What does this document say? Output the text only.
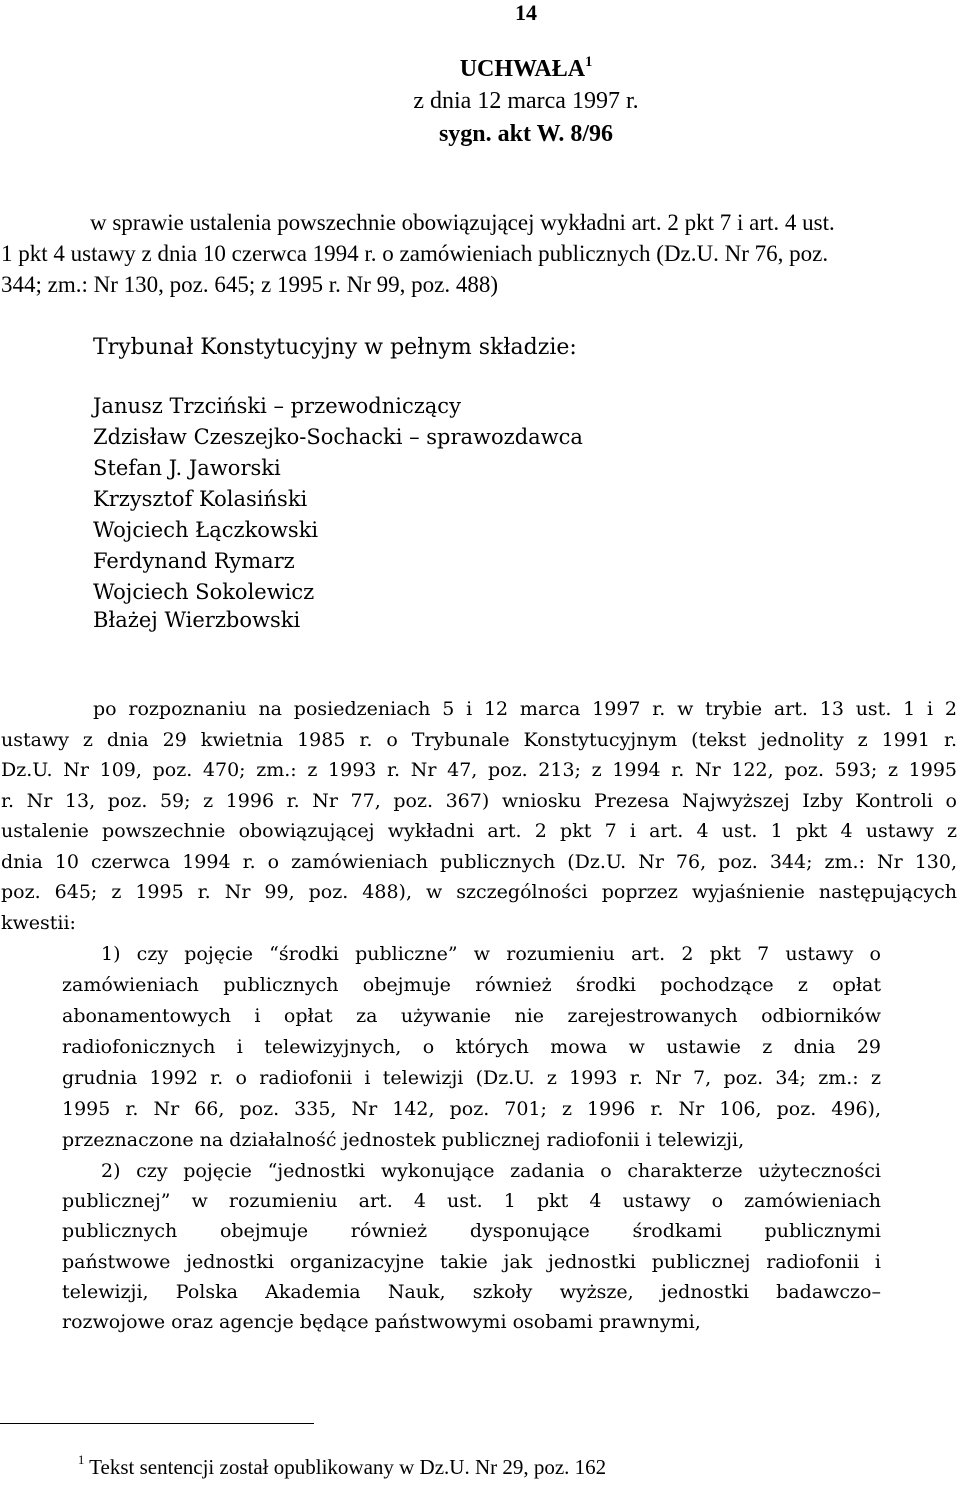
14
UCHWAŁA$^1$
z dnia 12 marca 1997 r.
sygn. akt W. 8/96
w sprawie ustalenia powszechnie obowiązującej wykładni art. 2 pkt 7 i art. 4 ust.
1 pkt 4 ustawy z dnia 10 czerwca 1994 r. o zamówieniach publicznych (Dz.U. Nr 76, poz.
344; zm.: Nr 130, poz. 645; z 1995 r. Nr 99, poz. 488)
Trybunał Konstytucyjny w pełnym składzie:
Janusz Trzciński – przewodniczący
Zdzisław Czeszejko-Sochacki – sprawozdawca
Stefan J. Jaworski
Krzysztof Kolasiński
Wojciech Łączkowski
Ferdynand Rymarz
Wojciech Sokolewicz
Błażej Wierzbowski
po rozpoznaniu na posiedzeniach 5 i 12 marca 1997 r. w trybie art. 13 ust. 1 i 2
ustawy z dnia 29 kwietnia 1985 r. o Trybunale Konstytucyjnym (tekst jednolity z 1991 r.
Dz.U. Nr 109, poz. 470; zm.: z 1993 r. Nr 47, poz. 213; z 1994 r. Nr 122, poz. 593; z 1995
r. Nr 13, poz. 59; z 1996 r. Nr 77, poz. 367) wniosku Prezesa Najwyższej Izby Kontroli o
ustalenie powszechnie obowiązującej wykładni art. 2 pkt 7 i art. 4 ust. 1 pkt 4 ustawy z
dnia 10 czerwca 1994 r. o zamówieniach publicznych (Dz.U. Nr 76, poz. 344; zm.: Nr 130,
poz. 645; z 1995 r. Nr 99, poz. 488), w szczególności poprzez wyjaśnienie następujących
kwestii:
1) czy pojęcie “środki publiczne” w rozumieniu art. 2 pkt 7 ustawy o
zamówieniach publicznych obejmuje również środki pochodzące z opłat
abonamentowych i opłat za używanie nie zarejestrowanych odbiorników
radiofonicznych i telewizyjnych, o których mowa w ustawie z dnia 29
grudnia 1992 r. o radiofonii i telewizji (Dz.U. z 1993 r. Nr 7, poz. 34; zm.: z
1995 r. Nr 66, poz. 335, Nr 142, poz. 701; z 1996 r. Nr 106, poz. 496),
przeznaczone na działalność jednostek publicznej radiofonii i telewizji,
2) czy pojęcie “jednostki wykonujące zadania o charakterze użyteczności
publicznej” w rozumieniu art. 4 ust. 1 pkt 4 ustawy o zamówieniach
publicznych obejmuje również dysponujące środkami publicznymi
państwowe jednostki organizacyjne takie jak jednostki publicznej radiofonii i
telewizji, Polska Akademia Nauk, szkoły wyższe, jednostki badawczo–
rozwojowe oraz agencje będące państwowymi osobami prawnymi,
$^1$ Tekst sentencji został opublikowany w Dz.U. Nr 29, poz. 162
